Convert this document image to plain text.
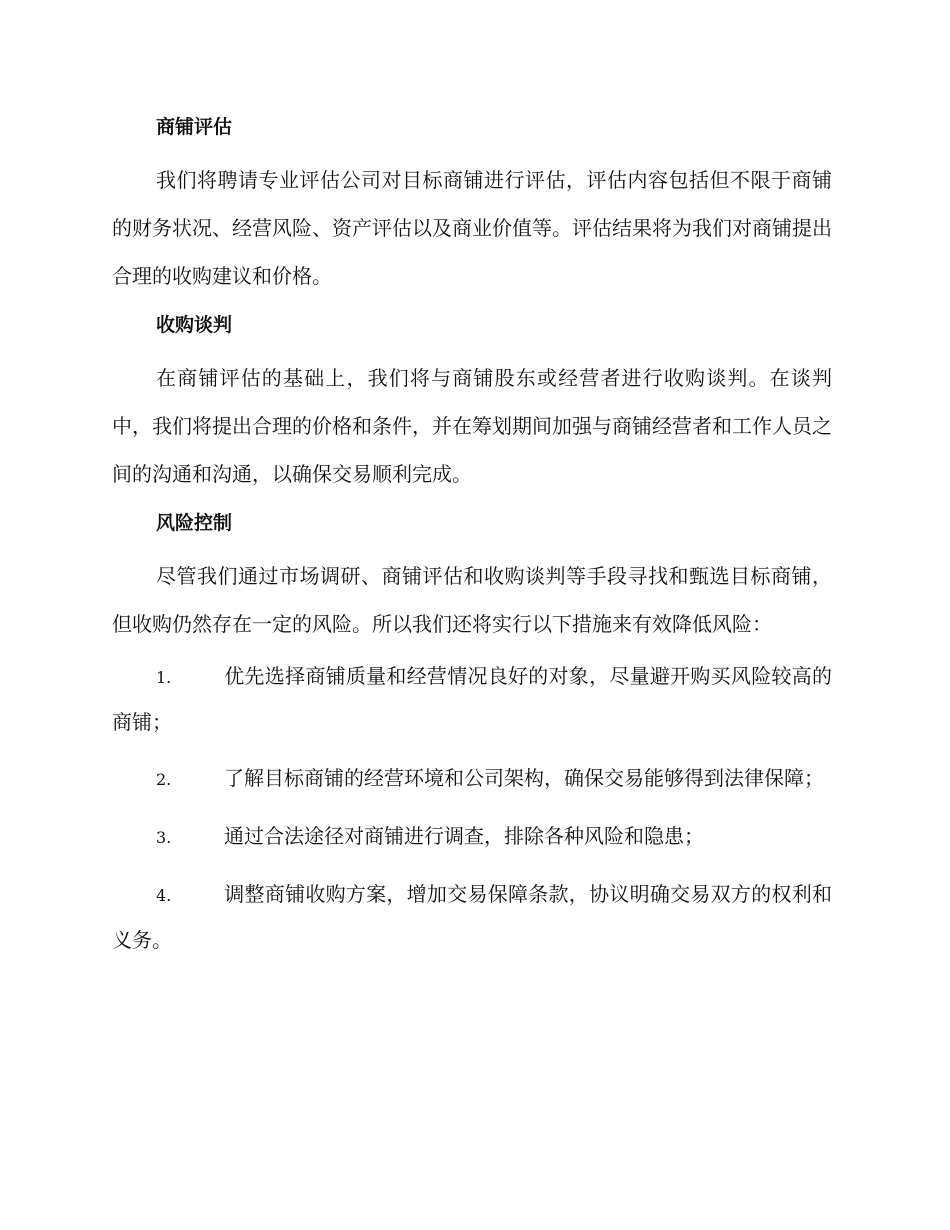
商铺评估

我们将聘请专业评估公司对目标商铺进行评估，评估内容包括但不限于商铺的财务状况、经营风险、资产评估以及商业价值等。评估结果将为我们对商铺提出合理的收购建议和价格。

收购谈判

在商铺评估的基础上，我们将与商铺股东或经营者进行收购谈判。在谈判中，我们将提出合理的价格和条件，并在筹划期间加强与商铺经营者和工作人员之间的沟通和沟通，以确保交易顺利完成。

风险控制

尽管我们通过市场调研、商铺评估和收购谈判等手段寻找和甄选目标商铺，但收购仍然存在一定的风险。所以我们还将实行以下措施来有效降低风险：

1.	优先选择商铺质量和经营情况良好的对象，尽量避开购买风险较高的商铺；
2.	了解目标商铺的经营环境和公司架构，确保交易能够得到法律保障；
3.	通过合法途径对商铺进行调查，排除各种风险和隐患；
4.	调整商铺收购方案，增加交易保障条款，协议明确交易双方的权利和义务。
